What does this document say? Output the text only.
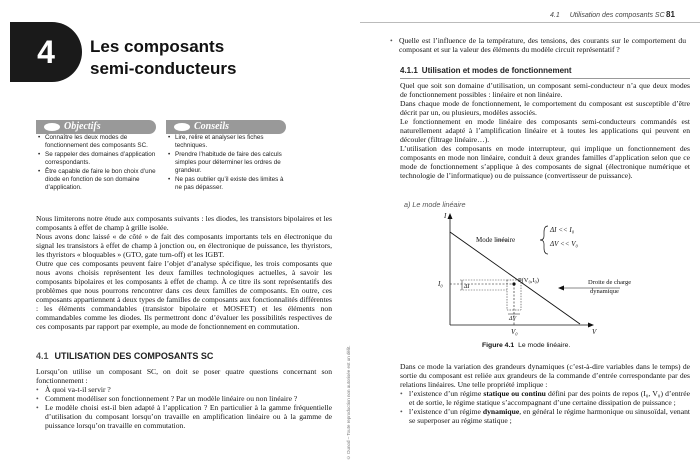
4	Les composants
semi-conducteurs
Objectifs
• Connaître les deux modes de fonctionnement des composants SC.
• Se rappeler des domaines d’application correspondants.
• Être capable de faire le bon choix d’une diode en fonction de son domaine d’application.
Conseils
• Lire, relire et analyser les fiches techniques.
• Prendre l’habitude de faire des calculs simples pour déterminer les ordres de grandeur.
• Ne pas oublier qu’il existe des limites à ne pas dépasser.

Nous limiterons notre étude aux composants suivants : les diodes, les transistors bipolaires et les composants à effet de champ à grille isolée.

Nous avons donc laissé « de côté » de fait des composants importants tels en électronique du signal les transistors à effet de champ à jonction ou, en électronique de puissance, les thyristors, les thyristors « bloquables » (GTO, gate turn-off) et les IGBT.

Outre que ces composants peuvent faire l’objet d’analyse spécifique, les trois composants que nous avons choisis représentent les deux familles technologiques actuelles, à savoir les composants bipolaires et les composants à effet de champ. À ce titre ils sont représentatifs des problèmes que nous pourrons rencontrer dans ces deux familles de composants. En outre, ces composants appartiennent à deux types de familles de composants aux fonctionnalités différentes : les éléments commandables (transistor bipolaire et MOSFET) et les éléments non commandables comme les diodes. Ils permettront donc d’évaluer les possibilités respectives de ces composants par rapport par exemple, au mode de fonctionnement en commutation.

4.1 UTILISATION DES COMPOSANTS SC

Lorsqu’on utilise un composant SC, on doit se poser quatre questions concernant son fonctionnement :

• À quoi va-t-il servir ?
• Comment modéliser son fonctionnement ? Par un modèle linéaire ou non linéaire ?
• Le modèle choisi est-il bien adapté à l’application ? En particulier à la gamme fréquentielle d’utilisation du composant lorsqu’on travaille en amplification linéaire ou à la gamme de puissance lorsqu’on travaille en commutation.	© Dunod – Toute reproduction non autorisée est un délit.
4.1 Utilisation des composants SC 81
• Quelle est l’influence de la température, des tensions, des courants sur le comportement du composant et sur la valeur des éléments du modèle circuit représentatif ?
4.1.1 Utilisation et modes de fonctionnement

Quel que soit son domaine d’utilisation, un composant semi-conducteur n’a que deux modes de fonctionnement possibles : linéaire et non linéaire.

Dans chaque mode de fonctionnement, le comportement du composant est susceptible d’être décrit par un, ou plusieurs, modèles associés.

Le fonctionnement en mode linéaire des composants semi-conducteurs commandés est naturellement adapté à l’amplification linéaire et à toutes les applications qui peuvent en découler (filtrage linéaire…).

L’utilisation des composants en mode interrupteur, qui implique un fonctionnement des composants en mode non linéaire, conduit à deux grandes familles d’application selon que ce mode de fonctionnement s’applique à des composants de signal (électronique numérique et technologie de l’informatique) ou de puissance (convertisseur de puissance).

a) Le mode linéaire
Mode linéaire
ΔI << I₀
ΔV << V₀
I
I₀	ΔI
ΔV
V₀	V
P(V₀,I₀)	Droite de charge
dynamique
Figure 4.1 Le mode linéaire.

Dans ce mode la variation des grandeurs dynamiques (c’est-à-dire variables dans le temps) de sortie du composant est reliée aux grandeurs de la commande d’entrée correspondante par des relations linéaires. Une telle propriété implique :

• l’existence d’un régime statique ou continu défini par des points de repos (I₀, V₀) d’entrée et de sortie, le régime statique s’accompagnant d’une certaine dissipation de puissance ;
• l’existence d’un régime dynamique, en général le régime harmonique ou sinusoïdal, venant se superposer au régime statique ;
